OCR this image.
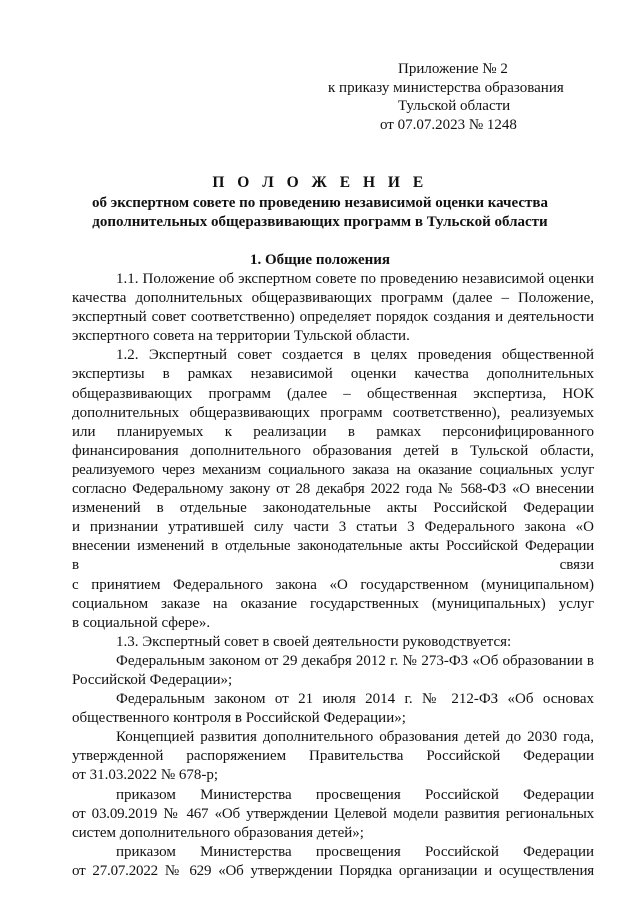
Приложение № 2
к приказу министерства образования
Тульской области
от 07.07.2023 № 1248
П О Л О Ж Е Н И Е
об экспертном совете по проведению независимой оценки качества
дополнительных общеразвивающих программ в Тульской области
1. Общие положения
1.1. Положение об экспертном совете по проведению независимой оценки
качества дополнительных общеразвивающих программ (далее – Положение,
экспертный совет соответственно) определяет порядок создания и деятельности
экспертного совета на территории Тульской области.
1.2. Экспертный совет создается в целях проведения общественной
экспертизы в рамках независимой оценки качества дополнительных
общеразвивающих программ (далее – общественная экспертиза, НОК
дополнительных общеразвивающих программ соответственно), реализуемых
или планируемых к реализации в рамках персонифицированного
финансирования дополнительного образования детей в Тульской области,
реализуемого через механизм социального заказа на оказание социальных услуг
согласно Федеральному закону от 28 декабря 2022 года № 568-ФЗ «О внесении
изменений в отдельные законодательные акты Российской Федерации
и признании утратившей силу части 3 статьи 3 Федерального закона «О
внесении изменений в отдельные законодательные акты Российской Федерации
в связи
с принятием Федерального закона «О государственном (муниципальном)
социальном заказе на оказание государственных (муниципальных) услуг
в социальной сфере».
1.3. Экспертный совет в своей деятельности руководствуется:
Федеральным законом от 29 декабря 2012 г. № 273-ФЗ «Об образовании в
Российской Федерации»;
Федеральным законом от 21 июля 2014 г. № 212-ФЗ «Об основах
общественного контроля в Российской Федерации»;
Концепцией развития дополнительного образования детей до 2030 года,
утвержденной распоряжением Правительства Российской Федерации
от 31.03.2022 № 678-р;
приказом Министерства просвещения Российской Федерации
от 03.09.2019 № 467 «Об утверждении Целевой модели развития региональных
систем дополнительного образования детей»;
приказом Министерства просвещения Российской Федерации
от 27.07.2022 № 629 «Об утверждении Порядка организации и осуществления
